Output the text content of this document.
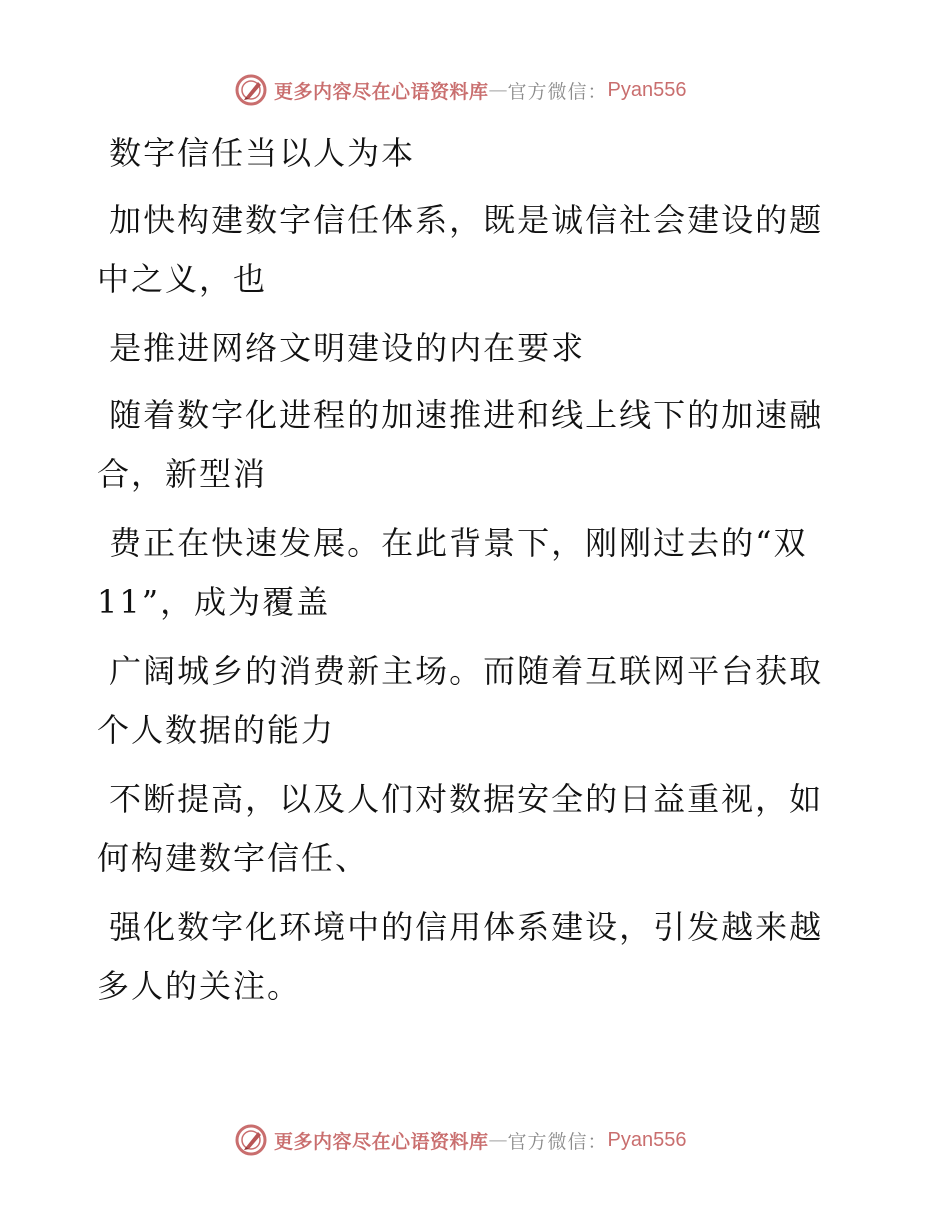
更多内容尽在心语资料库 — 官方微信： Pyan556

数字信任当以人为本

加快构建数字信任体系，既是诚信社会建设的题中之义，也

是推进网络文明建设的内在要求

随着数字化进程的加速推进和线上线下的加速融合，新型消

费正在快速发展。在此背景下，刚刚过去的“双 11”，成为覆盖

广阔城乡的消费新主场。而随着互联网平台获取个人数据的能力

不断提高，以及人们对数据安全的日益重视，如何构建数字信任、

强化数字化环境中的信用体系建设，引发越来越多人的关注。

更多内容尽在心语资料库 — 官方微信： Pyan556
